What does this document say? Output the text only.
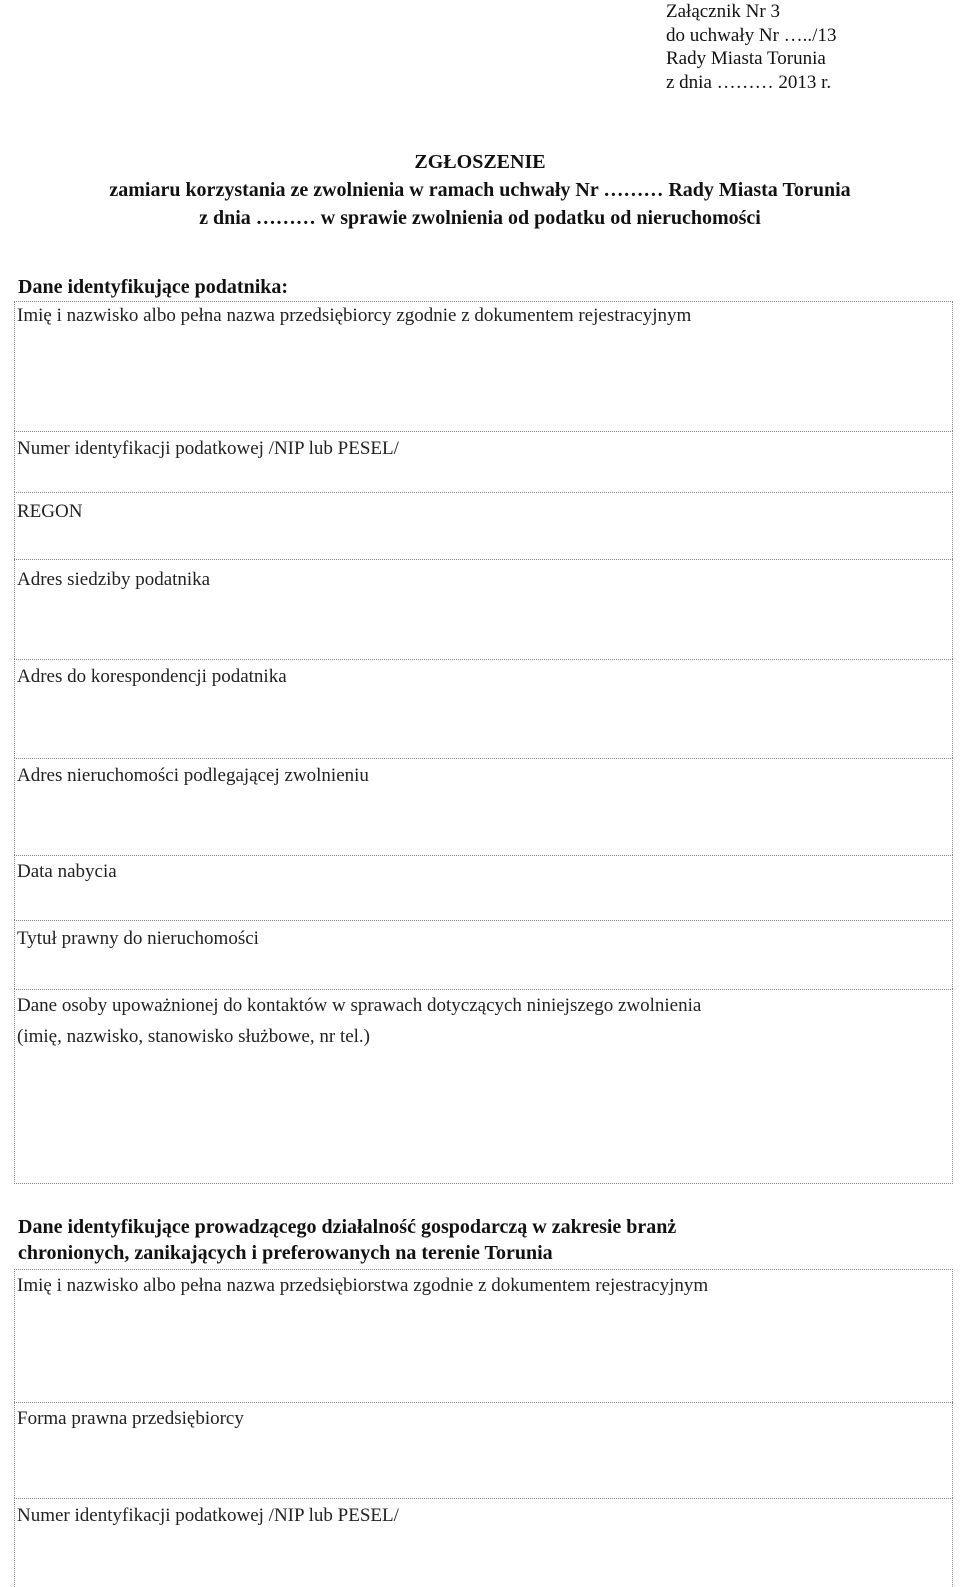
Załącznik Nr 3
do uchwały Nr …../13
Rady Miasta Torunia
z dnia ……… 2013 r.
ZGŁOSZENIE
zamiaru korzystania ze zwolnienia w ramach uchwały Nr ……… Rady Miasta Torunia
z dnia ……… w sprawie zwolnienia od podatku od nieruchomości
Dane identyfikujące podatnika:
Imię i nazwisko albo pełna nazwa przedsiębiorcy zgodnie z dokumentem rejestracyjnym
Numer identyfikacji podatkowej /NIP lub PESEL/
REGON
Adres siedziby podatnika
Adres do korespondencji podatnika
Adres nieruchomości podlegającej zwolnieniu
Data nabycia
Tytuł prawny do nieruchomości
Dane osoby upoważnionej do kontaktów w sprawach dotyczących niniejszego zwolnienia
(imię, nazwisko, stanowisko służbowe, nr tel.)
Dane identyfikujące prowadzącego działalność gospodarczą w zakresie branż
chronionych, zanikających i preferowanych na terenie Torunia
Imię i nazwisko albo pełna nazwa przedsiębiorstwa zgodnie z dokumentem rejestracyjnym
Forma prawna przedsiębiorcy
Numer identyfikacji podatkowej /NIP lub PESEL/
